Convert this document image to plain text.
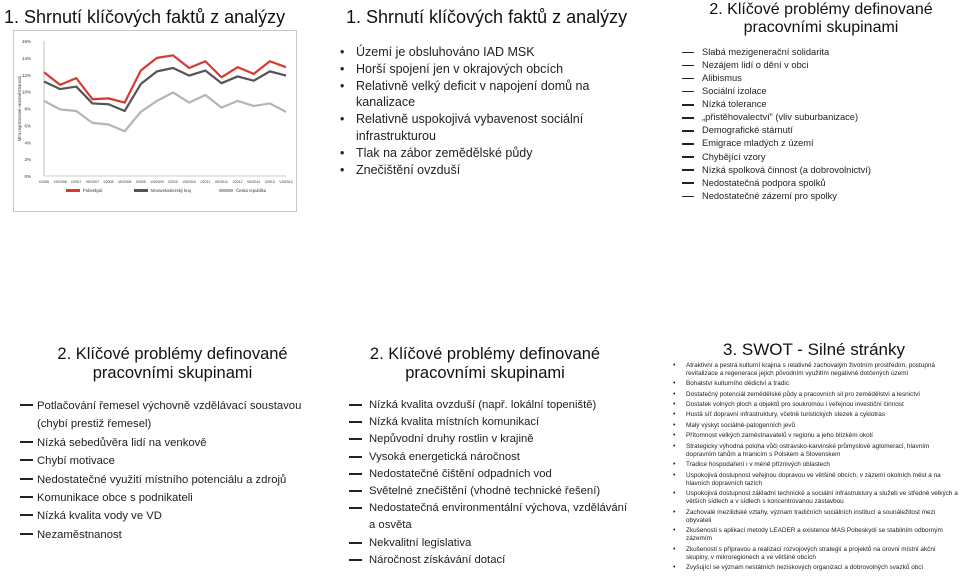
1. Shrnutí klíčových faktů z analýzy
0%
2%
4%
6%
8%
10%
12%
14%
16%
Míra registrované nezaměstnanosti
I/2006 VII/2006 I/2007 VII/2007 I/2008 VII/2008 I/2009 VII/2009 I/2010 VII/2010 I/2011 VII/2011 I/2012 VII/2012 I/2013 VII/2013
Pobeskydí	Moravskoslezský kraj	Česká republika
1. Shrnutí klíčových faktů z analýzy
• Území je obsluhováno IAD MSK
• Horší spojení jen v okrajových obcích
• Relativně velký deficit v napojení domů na kanalizace
• Relativně uspokojivá vybavenost sociální infrastrukturou
• Tlak na zábor zemědělské půdy
• Znečištění ovzduší
2. Klíčové problémy definované pracovními skupinami
Slabá mezigenerační solidarita
Nezájem lidí o dění v obci
Alibismus
Sociální izolace
Nízká tolerance
„přistěhovalectví“ (vliv suburbanizace)
Demografické stárnutí
Emigrace mladých z území
Chybějící vzory
Nízká spolková činnost (a dobrovolnictví)
Nedostatečná podpora spolků
Nedostatečné zázemí pro spolky
2. Klíčové problémy definované pracovními skupinami
Potlačování řemesel výchovně vzdělávací soustavou (chybí prestiž řemesel)
Nízká sebedůvěra lidí na venkově
Chybí motivace
Nedostatečné využití místního potenciálu a zdrojů
Komunikace obce s podnikateli
Nízká kvalita vody ve VD
Nezaměstnanost
2. Klíčové problémy definované pracovními skupinami
Nízká kvalita ovzduší (např. lokální topeniště)
Nízká kvalita místních komunikací
Nepůvodní druhy rostlin v krajině
Vysoká energetická náročnost
Nedostatečné čištění odpadních vod
Světelné znečištění (vhodné technické řešení)
Nedostatečná environmentální výchova, vzdělávání a osvěta
Nekvalitní legislativa
Náročnost získávání dotací
3. SWOT - Silné stránky
• Atraktivní a pestrá kulturní krajina s relativně zachovalým životním prostředím, postupná revitalizace a regenerace jejich původním využitím negativně dotčených území
• Bohatství kulturního dědictví a tradic
• Dostatečný potenciál zemědělské půdy a pracovních sil pro zemědělství a lesnictví
• Dostatek volných ploch a objektů pro soukromou i veřejnou investiční činnost
• Hustá síť dopravní infrastruktury, včetně turistických stezek a cyklotras
• Malý výskyt sociálně-patogenních jevů
• Přítomnost velkých zaměstnavatelů v regionu a jeho blízkém okolí
• Strategicky výhodná poloha vůči ostravsko-karvinské průmyslové aglomeraci, hlavním dopravním tahům a hranicím s Polskem a Slovenskem
• Tradice hospodaření i v méně příznivých oblastech
• Uspokojivá dostupnost veřejnou dopravou ve většině obcích, v zázemí okolních měst a na hlavních dopravních tazích
• Uspokojivá dostupnost základní technické a sociální infrastruktury a služeb ve středně velkých a větších sídlech a v sídlech s koncentrovanou zástavbou
• Zachovalé mezilidské vztahy, význam tradičních sociálních institucí a sounáležitost mezi obyvateli
• Zkušenosti s aplikací metody LEADER a existence MAS Pobeskydí se stabilním odborným zázemím
• Zkušenosti s přípravou a realizací rozvojových strategií a projektů na úrovni místní akční skupiny, v mikroregionech a ve většině obcích
• Zvyšující se význam nestátních neziskových organizací a dobrovolných svazků obcí
